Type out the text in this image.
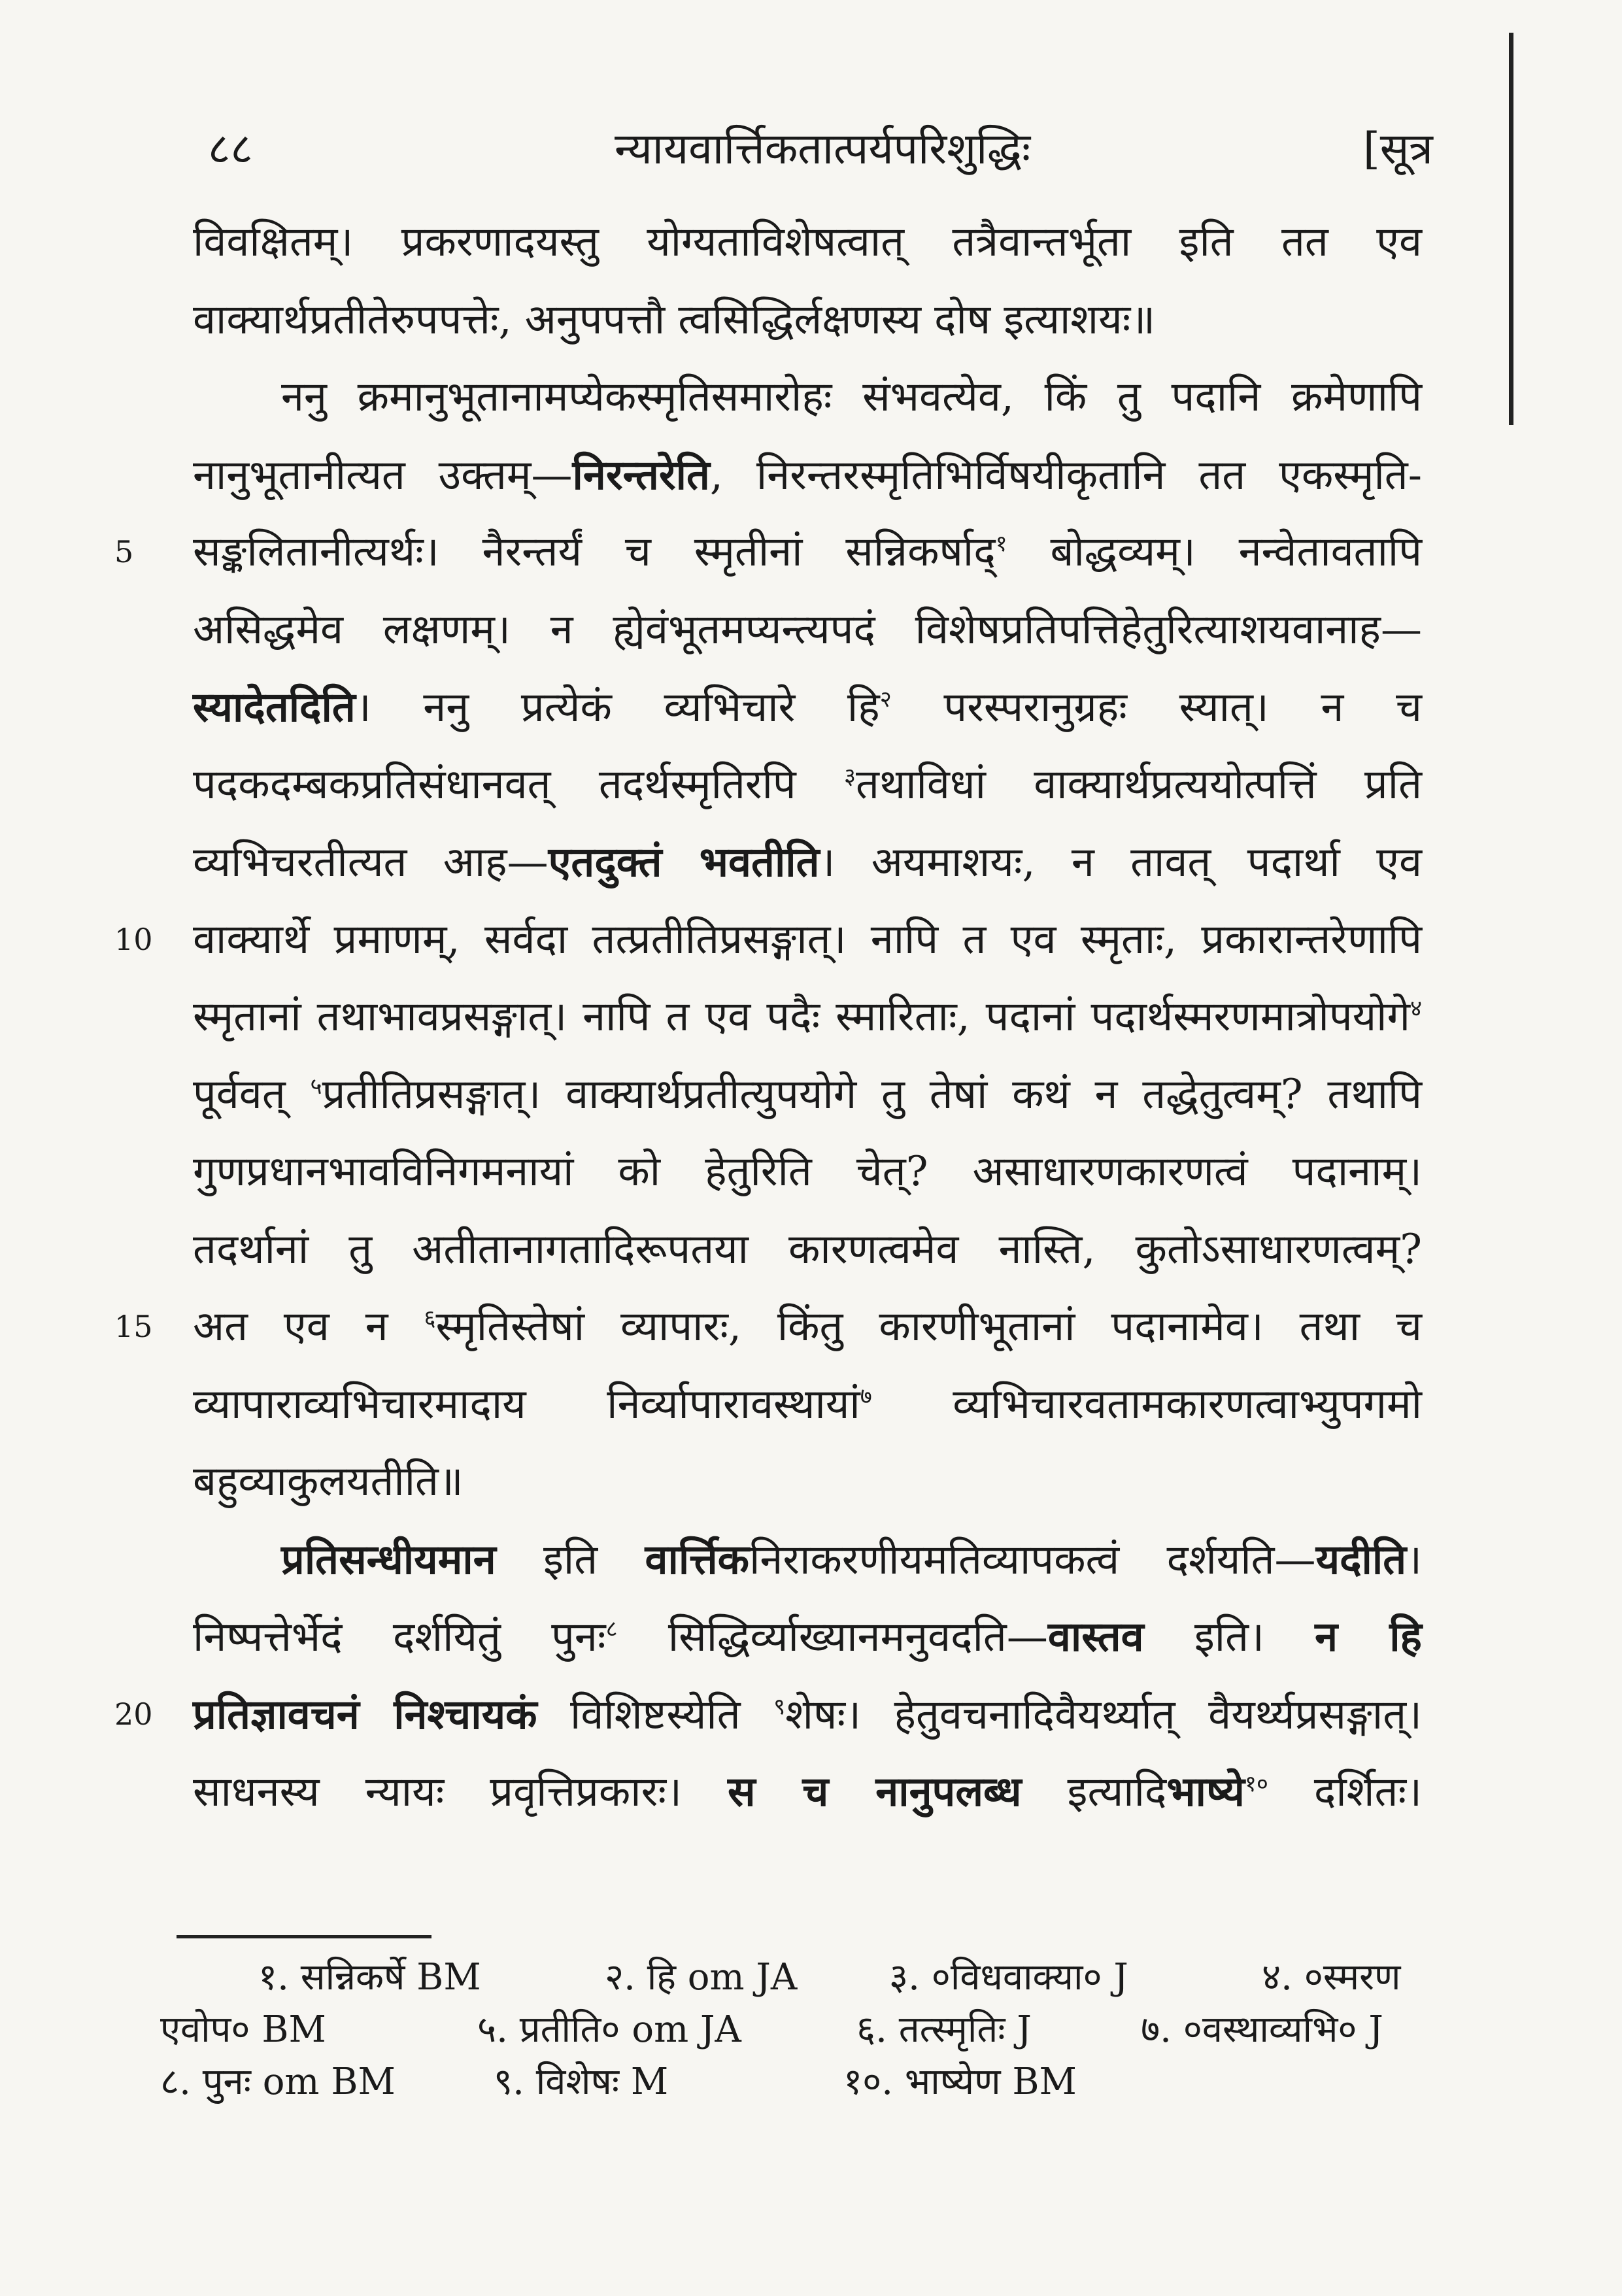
८८	न्यायवार्त्तिकतात्पर्यपरिशुद्धिः	[सूत्र
विवक्षितम्। प्रकरणादयस्तु योग्यताविशेषत्वात् तत्रैवान्तर्भूता इति तत एव
वाक्यार्थप्रतीतेरुपपत्तेः, अनुपपत्तौ त्वसिद्धिर्लक्षणस्य दोष इत्याशयः॥
ननु क्रमानुभूतानामप्येकस्मृतिसमारोहः संभवत्येव, किं तु पदानि क्रमेणापि
नानुभूतानीत्यत उक्तम्—निरन्तरेति, निरन्तरस्मृतिभिर्विषयीकृतानि तत एकस्मृति-
5	सङ्कलितानीत्यर्थः। नैरन्तर्यं च स्मृतीनां सन्निकर्षाद्$^१$ बोद्धव्यम्। नन्वेतावतापि
असिद्धमेव लक्षणम्। न ह्येवंभूतमप्यन्त्यपदं विशेषप्रतिपत्तिहेतुरित्याशयवानाह—
स्यादेतदिति। ननु प्रत्येकं व्यभिचारे हि$^२$ परस्परानुग्रहः स्यात्। न च
पदकदम्बकप्रतिसंधानवत् तदर्थस्मृतिरपि $^३$तथाविधां वाक्यार्थप्रत्ययोत्पत्तिं प्रति
व्यभिचरतीत्यत आह—एतदुक्तं भवतीति। अयमाशयः, न तावत् पदार्था एव
10 वाक्यार्थे प्रमाणम्, सर्वदा तत्प्रतीतिप्रसङ्गात्। नापि त एव स्मृताः, प्रकारान्तरेणापि
स्मृतानां तथाभावप्रसङ्गात्। नापि त एव पदैः स्मारिताः, पदानां पदार्थस्मरणमात्रोपयोगे$^४$
पूर्ववत् $^५$प्रतीतिप्रसङ्गात्। वाक्यार्थप्रतीत्युपयोगे तु तेषां कथं न तद्धेतुत्वम्? तथापि
गुणप्रधानभावविनिगमनायां को हेतुरिति चेत्? असाधारणकारणत्वं पदानाम्।
तदर्थानां तु अतीतानागतादिरूपतया कारणत्वमेव नास्ति, कुतोऽसाधारणत्वम्?
15 अत एव न $^६$स्मृतिस्तेषां व्यापारः, किंतु कारणीभूतानां पदानामेव। तथा च
व्यापाराव्यभिचारमादाय निर्व्यापारावस्थायां$^७$ व्यभिचारवतामकारणत्वाभ्युपगमो
बहुव्याकुलयतीति॥
प्रतिसन्धीयमान इति वार्त्तिकनिराकरणीयमतिव्यापकत्वं दर्शयति—यदीति।
निष्पत्तेर्भेदं दर्शयितुं पुनः$^८$ सिद्धिर्व्याख्यानमनुवदति—वास्तव इति। न हि
20 प्रतिज्ञावचनं निश्चायकं विशिष्टस्येति $^९$शेषः। हेतुवचनादिवैयर्थ्यात् वैयर्थ्यप्रसङ्गात्।
साधनस्य न्यायः प्रवृत्तिप्रकारः। स च नानुपलब्ध इत्यादिभाष्ये$^{१०}$ दर्शितः।
१. सन्निकर्षे BM	२. हि om JA	३. ०विधवाक्या० J	४. ०स्मरण
एवोप० BM	५. प्रतीति० om JA	६. तत्स्मृतिः J	७. ०वस्थाव्यभि० J
८. पुनः om BM	९. विशेषः M	१०. भाष्येण BM
